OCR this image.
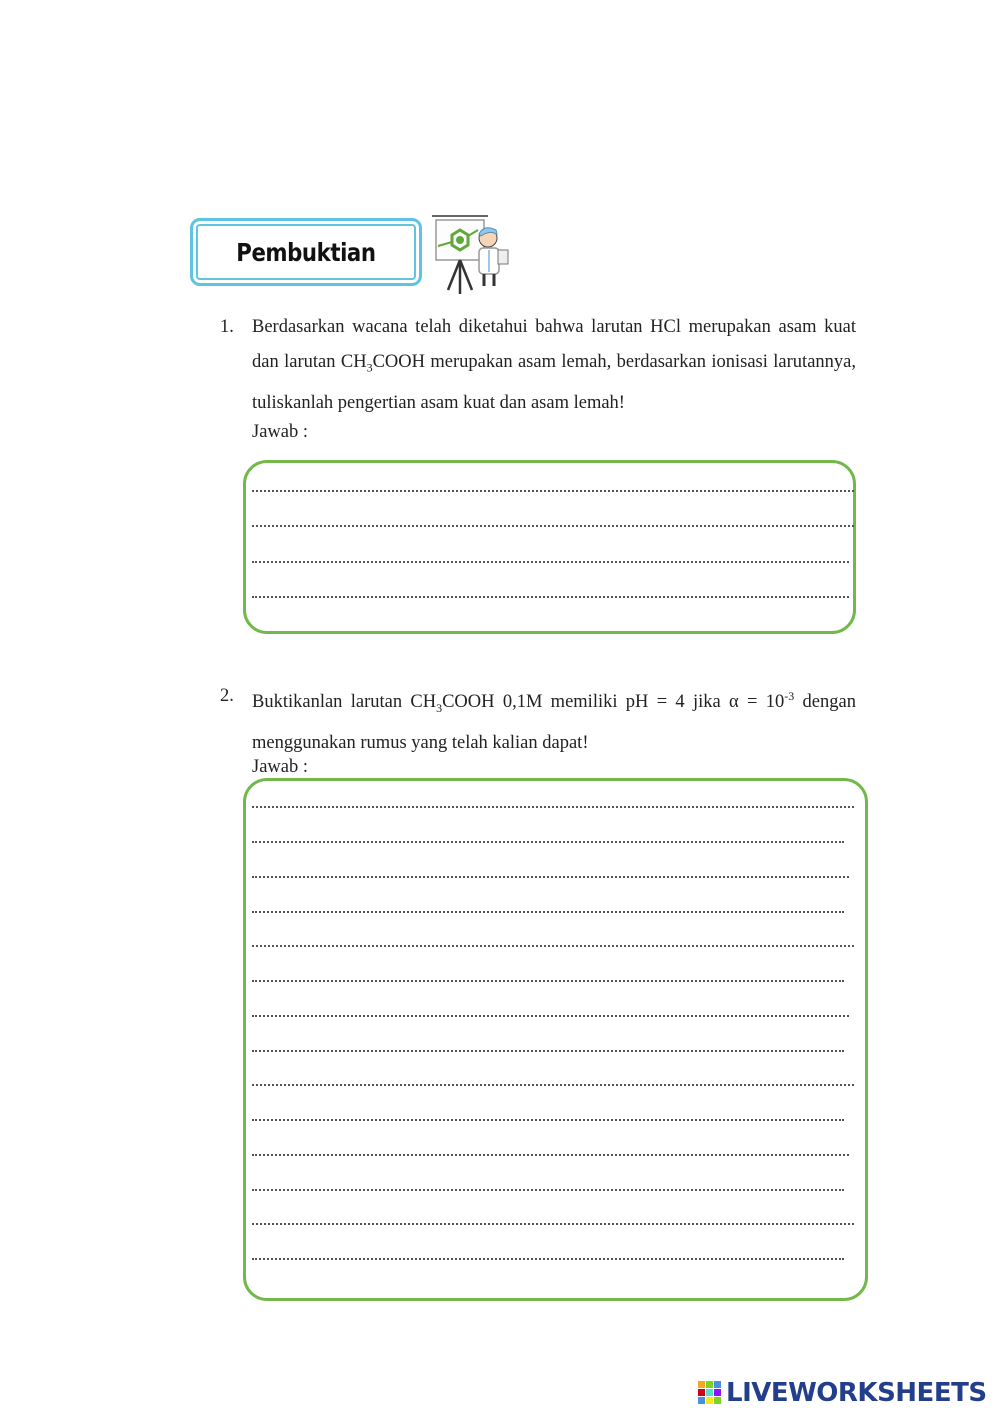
Pembuktian
1. Berdasarkan wacana telah diketahui bahwa larutan HCl merupakan asam kuat dan larutan $CH_3COOH$ merupakan asam lemah, berdasarkan ionisasi larutannya, tuliskanlah pengertian asam kuat dan asam lemah!
Jawab :
2. Buktikanlan larutan $CH_3COOH$ 0,1M memiliki pH = 4 jika $\alpha = 10^{-3}$ dengan menggunakan rumus yang telah kalian dapat!
Jawab :
LIVEWORKSHEETS
